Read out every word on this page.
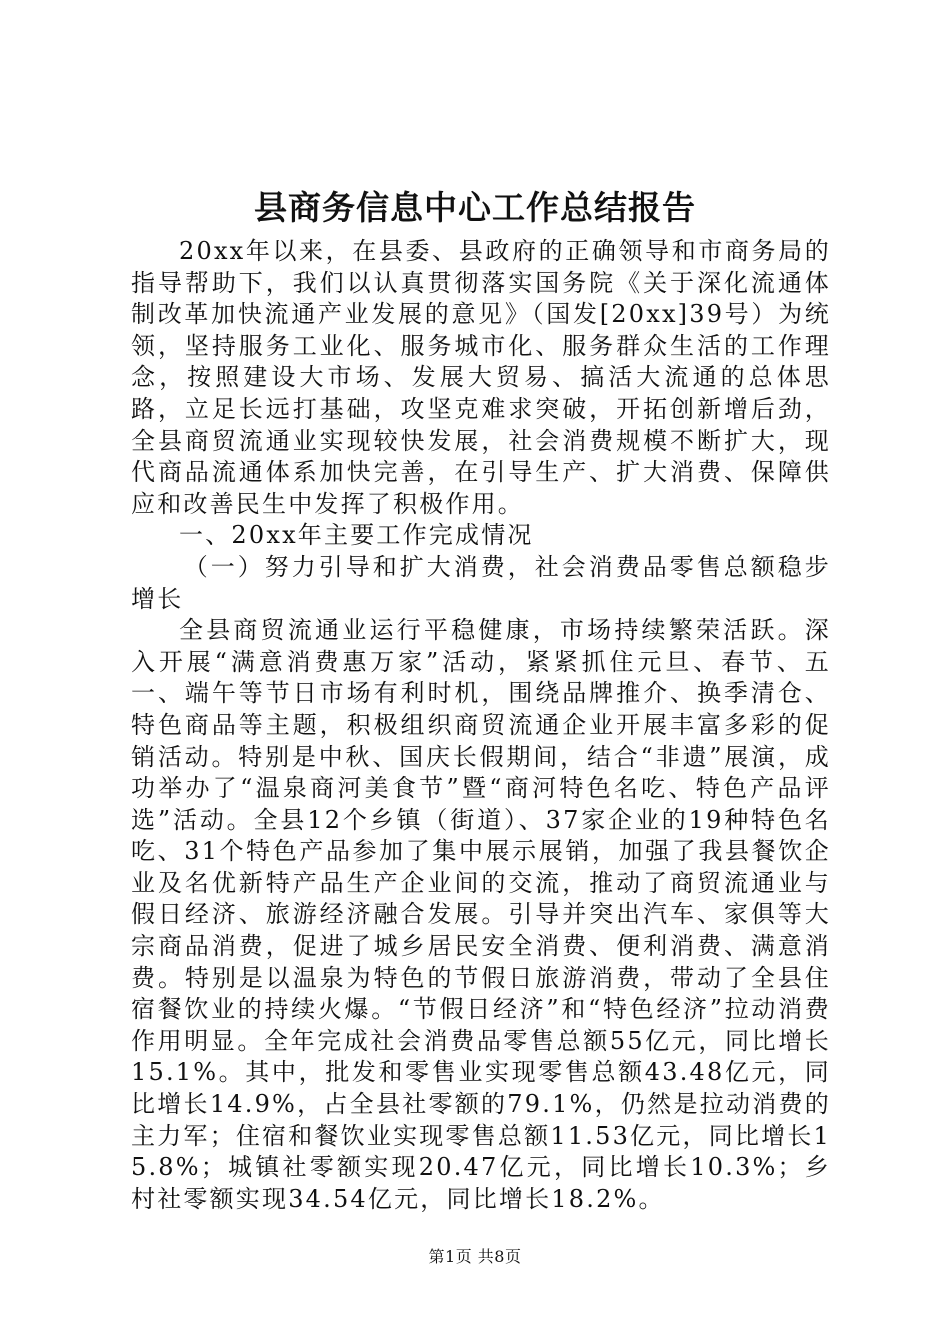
县商务信息中心工作总结报告

20xx年以来，在县委、县政府的正确领导和市商务局的指导帮助下，我们以认真贯彻落实国务院《关于深化流通体制改革加快流通产业发展的意见》（国发[20xx]39号）为统领，坚持服务工业化、服务城市化、服务群众生活的工作理念，按照建设大市场、发展大贸易、搞活大流通的总体思路，立足长远打基础，攻坚克难求突破，开拓创新增后劲，全县商贸流通业实现较快发展，社会消费规模不断扩大，现代商品流通体系加快完善，在引导生产、扩大消费、保障供应和改善民生中发挥了积极作用。

一、20xx年主要工作完成情况

（一）努力引导和扩大消费，社会消费品零售总额稳步增长

全县商贸流通业运行平稳健康，市场持续繁荣活跃。深入开展“满意消费惠万家”活动，紧紧抓住元旦、春节、五一、端午等节日市场有利时机，围绕品牌推介、换季清仓、特色商品等主题，积极组织商贸流通企业开展丰富多彩的促销活动。特别是中秋、国庆长假期间，结合“非遗”展演，成功举办了“温泉商河美食节”暨“商河特色名吃、特色产品评选”活动。全县12个乡镇（街道）、37家企业的19种特色名吃、31个特色产品参加了集中展示展销，加强了我县餐饮企业及名优新特产品生产企业间的交流，推动了商贸流通业与假日经济、旅游经济融合发展。引导并突出汽车、家俱等大宗商品消费，促进了城乡居民安全消费、便利消费、满意消费。特别是以温泉为特色的节假日旅游消费，带动了全县住宿餐饮业的持续火爆。“节假日经济”和“特色经济”拉动消费作用明显。全年完成社会消费品零售总额55亿元，同比增长15.1%。其中，批发和零售业实现零售总额43.48亿元，同比增长14.9%，占全县社零额的79.1%，仍然是拉动消费的主力军；住宿和餐饮业实现零售总额11.53亿元，同比增长15.8%；城镇社零额实现20.47亿元，同比增长10.3%；乡村社零额实现34.54亿元，同比增长18.2%。

第1页 共8页
